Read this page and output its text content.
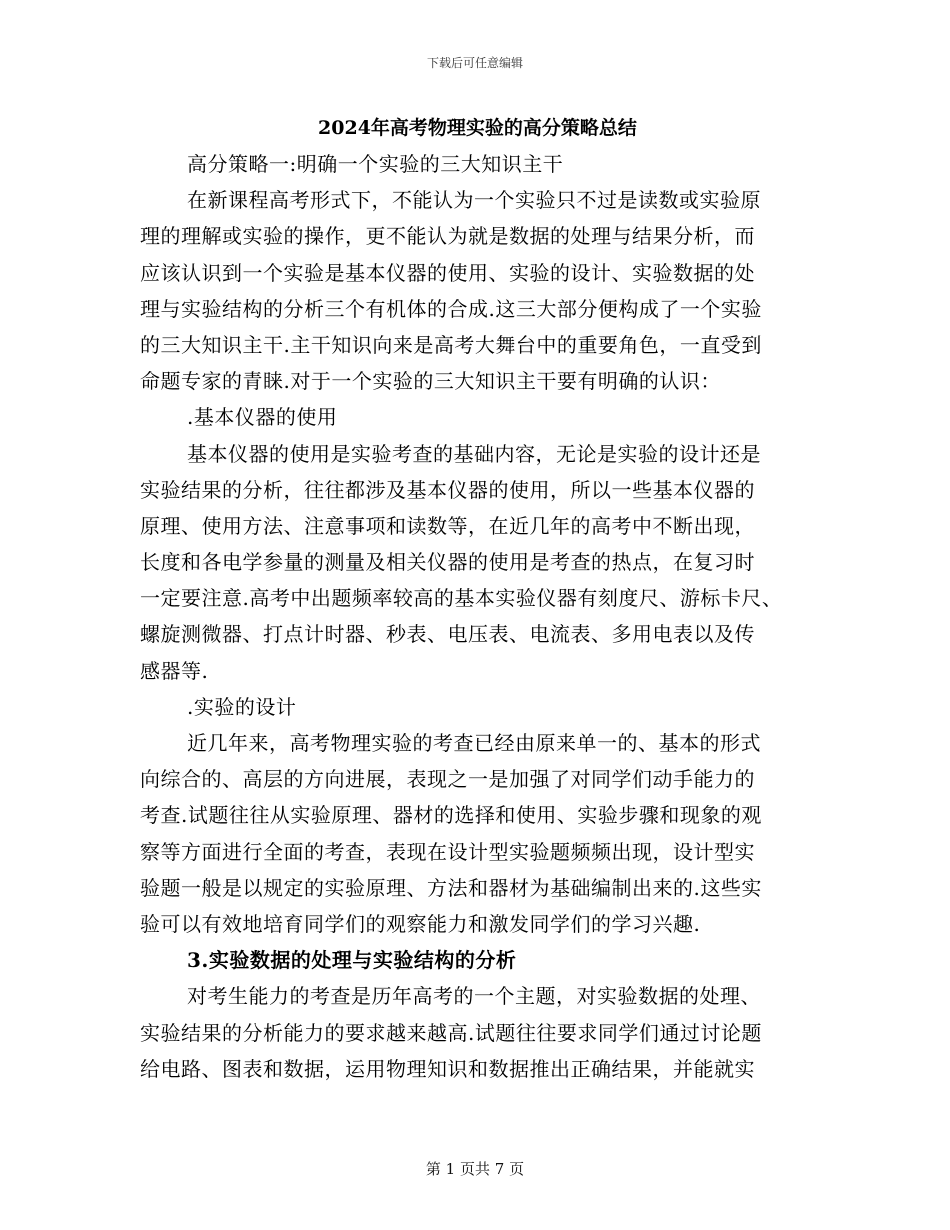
下载后可任意编辑
2024年高考物理实验的高分策略总结
高分策略一:明确一个实验的三大知识主干
在新课程高考形式下，不能认为一个实验只不过是读数或实验原
理的理解或实验的操作，更不能认为就是数据的处理与结果分析，而
应该认识到一个实验是基本仪器的使用、实验的设计、实验数据的处
理与实验结构的分析三个有机体的合成.这三大部分便构成了一个实验
的三大知识主干.主干知识向来是高考大舞台中的重要角色，一直受到
命题专家的青睐.对于一个实验的三大知识主干要有明确的认识：
.基本仪器的使用
基本仪器的使用是实验考查的基础内容，无论是实验的设计还是
实验结果的分析，往往都涉及基本仪器的使用，所以一些基本仪器的
原理、使用方法、注意事项和读数等，在近几年的高考中不断出现，
长度和各电学参量的测量及相关仪器的使用是考查的热点，在复习时
一定要注意.高考中出题频率较高的基本实验仪器有刻度尺、游标卡尺、
螺旋测微器、打点计时器、秒表、电压表、电流表、多用电表以及传
感器等.
.实验的设计
近几年来，高考物理实验的考查已经由原来单一的、基本的形式
向综合的、高层的方向进展，表现之一是加强了对同学们动手能力的
考查.试题往往从实验原理、器材的选择和使用、实验步骤和现象的观
察等方面进行全面的考查，表现在设计型实验题频频出现，设计型实
验题一般是以规定的实验原理、方法和器材为基础编制出来的.这些实
验可以有效地培育同学们的观察能力和激发同学们的学习兴趣.
3.实验数据的处理与实验结构的分析
对考生能力的考查是历年高考的一个主题，对实验数据的处理、
实验结果的分析能力的要求越来越高.试题往往要求同学们通过讨论题
给电路、图表和数据，运用物理知识和数据推出正确结果，并能就实
第 1 页共 7 页
